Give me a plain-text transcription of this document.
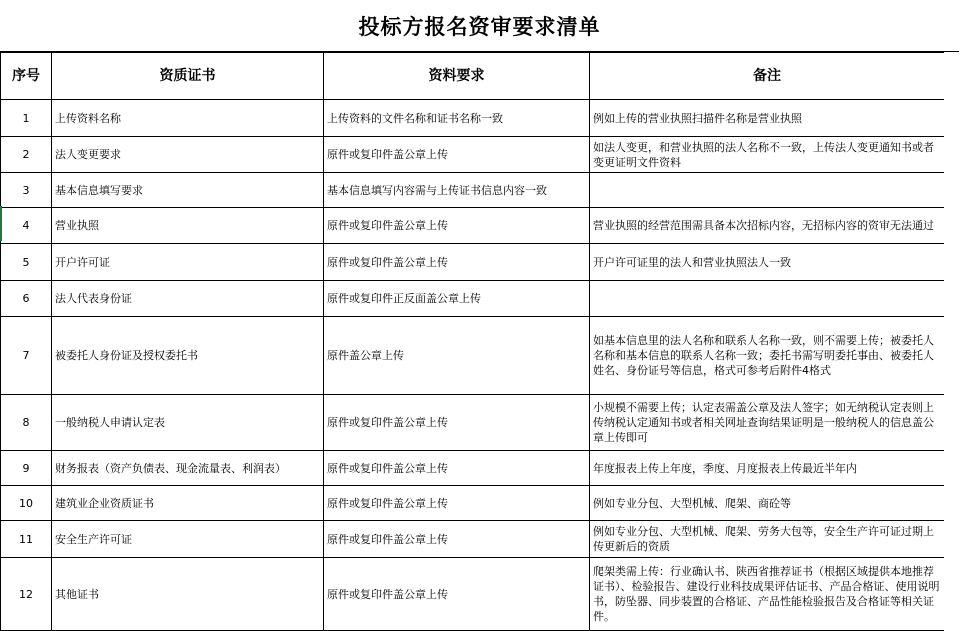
投标方报名资审要求清单
序号	资质证书	资料要求	备注
1	上传资料名称	上传资料的文件名称和证书名称一致	例如上传的营业执照扫描件名称是营业执照
2	法人变更要求	原件或复印件盖公章上传	如法人变更，和营业执照的法人名称不一致，上传法人变更通知书或者变更证明文件资料
3	基本信息填写要求	基本信息填写内容需与上传证书信息内容一致	
4	营业执照	原件或复印件盖公章上传	营业执照的经营范围需具备本次招标内容，无招标内容的资审无法通过
5	开户许可证	原件或复印件盖公章上传	开户许可证里的法人和营业执照法人一致
6	法人代表身份证	原件或复印件正反面盖公章上传	
7	被委托人身份证及授权委托书	原件盖公章上传	如基本信息里的法人名称和联系人名称一致，则不需要上传；被委托人名称和基本信息的联系人名称一致；委托书需写明委托事由、被委托人姓名、身份证号等信息，格式可参考后附件4格式
8	一般纳税人申请认定表	原件或复印件盖公章上传	小规模不需要上传；认定表需盖公章及法人签字；如无纳税认定表则上传纳税认定通知书或者相关网址查询结果证明是一般纳税人的信息盖公章上传即可
9	财务报表（资产负债表、现金流量表、利润表）	原件或复印件盖公章上传	年度报表上传上年度，季度、月度报表上传最近半年内
10	建筑业企业资质证书	原件或复印件盖公章上传	例如专业分包、大型机械、爬架、商砼等
11	安全生产许可证	原件或复印件盖公章上传	例如专业分包、大型机械、爬架、劳务大包等，安全生产许可证过期上传更新后的资质
12	其他证书	原件或复印件盖公章上传	爬架类需上传：行业确认书、陕西省推荐证书（根据区域提供本地推荐证书）、检验报告、建设行业科技成果评估证书、产品合格证、使用说明书，防坠器、同步装置的合格证、产品性能检验报告及合格证等相关证件。
